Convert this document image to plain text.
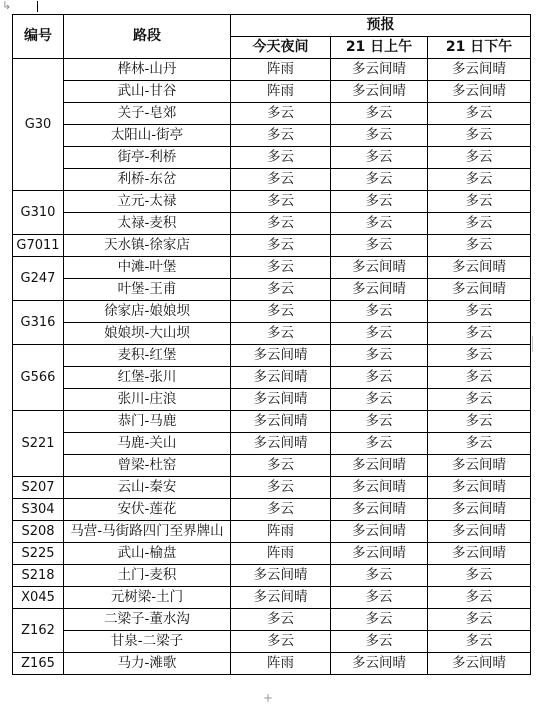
↳
+
编号	路段	预报		
		今天夜间	21 日上午	21 日下午
G30	桦林-山丹	阵雨	多云间晴	多云间晴
	武山-甘谷	阵雨	多云间晴	多云间晴
	关子-皂郊	多云	多云	多云
	太阳山-街亭	多云	多云	多云
	街亭-利桥	多云	多云	多云
	利桥-东岔	多云	多云	多云
G310	立元-太禄	多云	多云	多云
	太禄-麦积	多云	多云	多云
G7011	天水镇-徐家店	多云	多云	多云
G247	中滩-叶堡	多云	多云间晴	多云间晴
	叶堡-王甫	多云	多云间晴	多云间晴
G316	徐家店-娘娘坝	多云	多云	多云
	娘娘坝-大山坝	多云	多云	多云
G566	麦积-红堡	多云间晴	多云	多云
	红堡-张川	多云间晴	多云	多云
	张川-庄浪	多云间晴	多云	多云
S221	恭门-马鹿	多云间晴	多云	多云
	马鹿-关山	多云间晴	多云	多云
	曾梁-杜窑	多云	多云间晴	多云间晴
S207	云山-秦安	多云	多云间晴	多云间晴
S304	安伏-莲花	多云	多云间晴	多云间晴
S208	马营-马街路四门至界牌山	阵雨	多云间晴	多云间晴
S225	武山-榆盘	阵雨	多云间晴	多云间晴
S218	土门-麦积	多云间晴	多云	多云
X045	元树梁-土门	多云间晴	多云	多云
Z162	二梁子-董水沟	多云	多云	多云
	甘泉-二梁子	多云	多云	多云
Z165	马力-滩歌	阵雨	多云间晴	多云间晴
